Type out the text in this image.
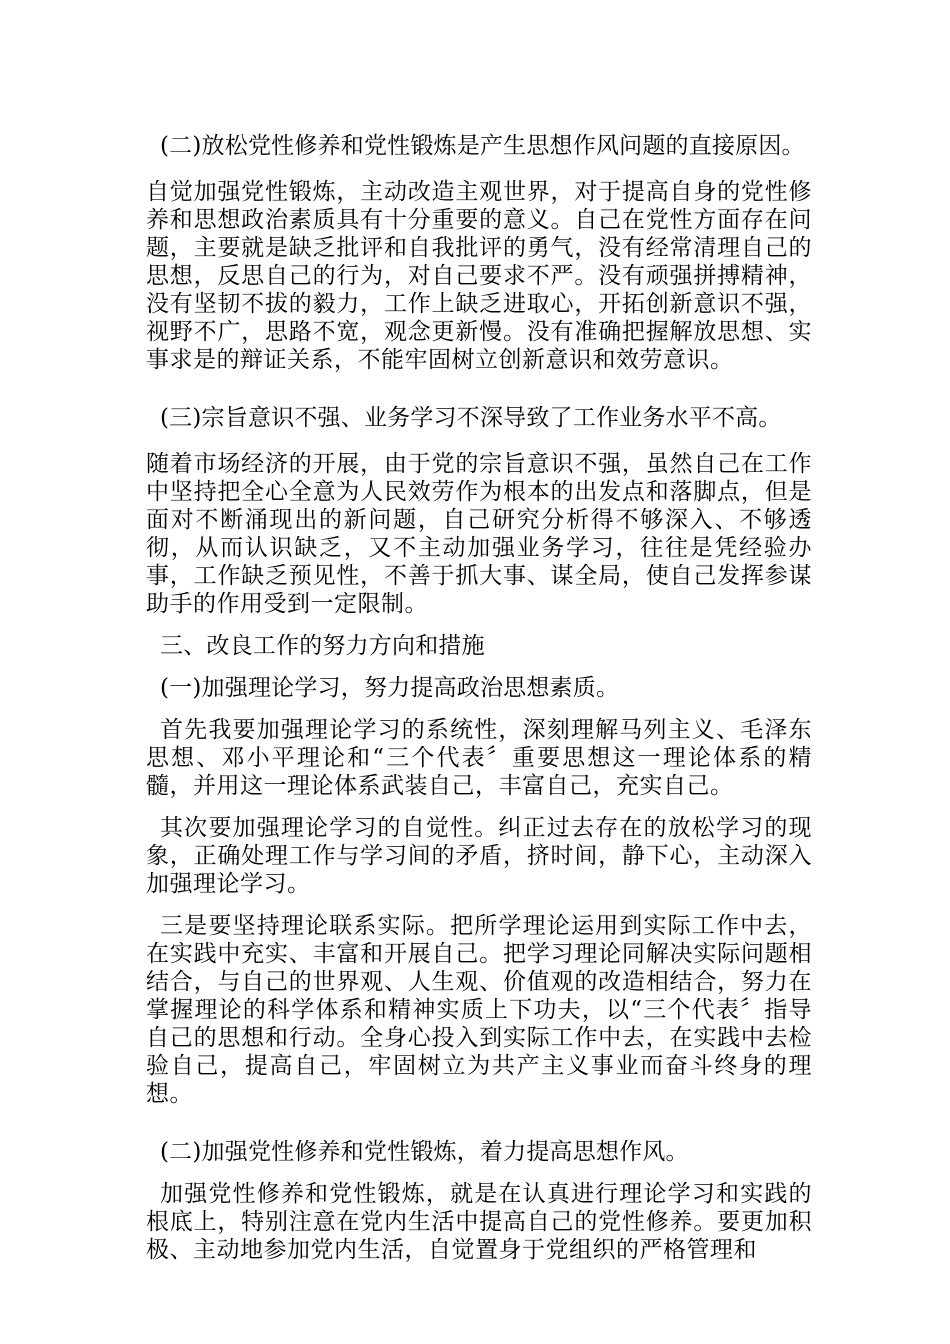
(二)放松党性修养和党性锻炼是产生思想作风问题的直接原因。

自觉加强党性锻炼，主动改造主观世界，对于提高自身的党性修养和思想政治素质具有十分重要的意义。自己在党性方面存在问题，主要就是缺乏批评和自我批评的勇气，没有经常清理自己的思想，反思自己的行为，对自己要求不严。没有顽强拼搏精神，没有坚韧不拔的毅力，工作上缺乏进取心，开拓创新意识不强，视野不广，思路不宽，观念更新慢。没有准确把握解放思想、实事求是的辩证关系，不能牢固树立创新意识和效劳意识。

(三)宗旨意识不强、业务学习不深导致了工作业务水平不高。

随着市场经济的开展，由于党的宗旨意识不强，虽然自己在工作中坚持把全心全意为人民效劳作为根本的出发点和落脚点，但是面对不断涌现出的新问题，自己研究分析得不够深入、不够透彻，从而认识缺乏，又不主动加强业务学习，往往是凭经验办事，工作缺乏预见性，不善于抓大事、谋全局，使自己发挥参谋助手的作用受到一定限制。

三、改良工作的努力方向和措施

(一)加强理论学习，努力提高政治思想素质。

首先我要加强理论学习的系统性，深刻理解马列主义、毛泽东思想、邓小平理论和“三个代表〞重要思想这一理论体系的精髓，并用这一理论体系武装自己，丰富自己，充实自己。

其次要加强理论学习的自觉性。纠正过去存在的放松学习的现象，正确处理工作与学习间的矛盾，挤时间，静下心，主动深入加强理论学习。

三是要坚持理论联系实际。把所学理论运用到实际工作中去，在实践中充实、丰富和开展自己。把学习理论同解决实际问题相结合，与自己的世界观、人生观、价值观的改造相结合，努力在掌握理论的科学体系和精神实质上下功夫，以“三个代表〞指导自己的思想和行动。全身心投入到实际工作中去，在实践中去检验自己，提高自己，牢固树立为共产主义事业而奋斗终身的理想。

(二)加强党性修养和党性锻炼，着力提高思想作风。

加强党性修养和党性锻炼，就是在认真进行理论学习和实践的根底上，特别注意在党内生活中提高自己的党性修养。要更加积极、主动地参加党内生活，自觉置身于党组织的严格管理和
